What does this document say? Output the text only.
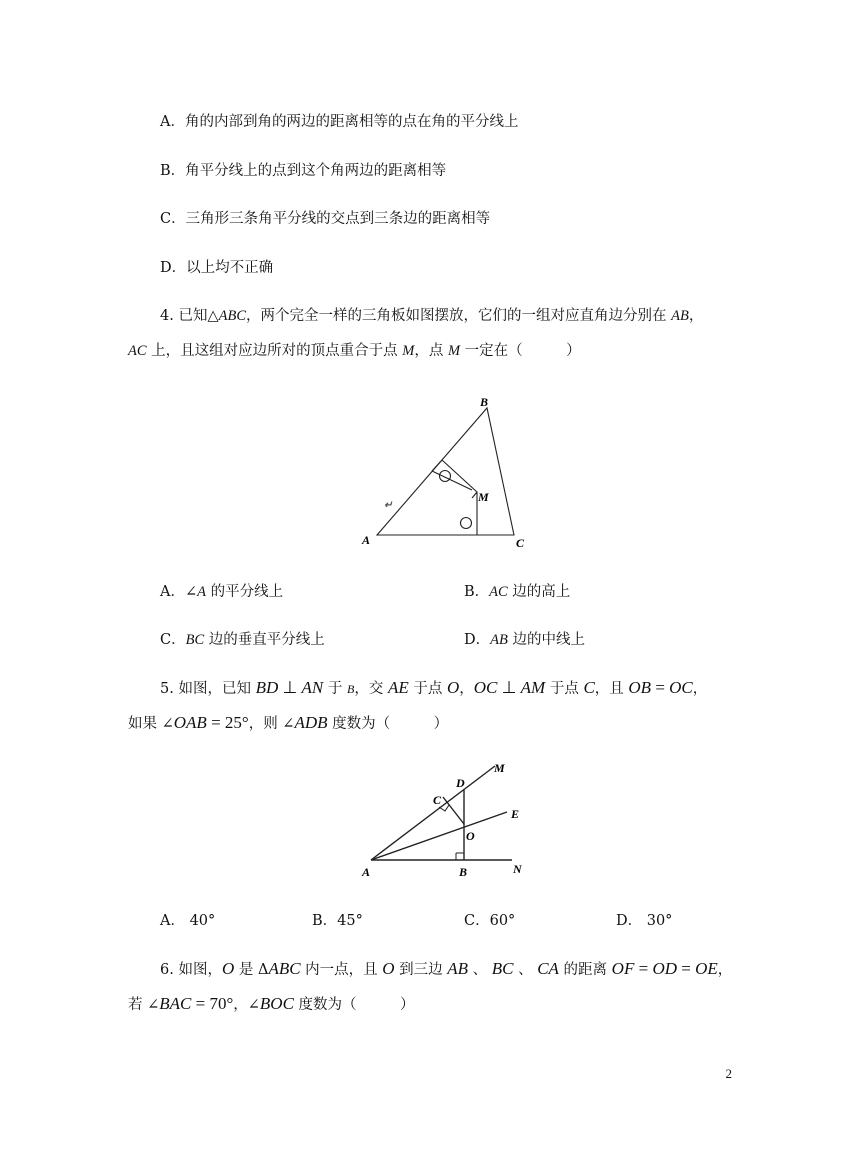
A．角的内部到角的两边的距离相等的点在角的平分线上
B．角平分线上的点到这个角两边的距离相等
C．三角形三条角平分线的交点到三条边的距离相等
D．以上均不正确
4. 已知△ABC，两个完全一样的三角板如图摆放，它们的一组对应直角边分别在 AB，
AC 上，且这组对应边所对的顶点重合于点 M，点 M 一定在（　　　）
B
A	C
M
↵
A．∠A 的平分线上	B．AC 边的高上
C．BC 边的垂直平分线上	D．AB 边的中线上
5. 如图，已知 BD ⊥ AN 于 B，交 AE 于点 O，OC ⊥ AM 于点 C，且 OB = OC，
如果 ∠OAB = 25°，则 ∠ADB 度数为（　　　）
A	B	N
O
E
C
D
M
A． 40°	B．45°	C．60°	D． 30°
6. 如图，O 是 ΔABC 内一点，且 O 到三边 AB 、 BC 、 CA 的距离 OF = OD = OE，
若 ∠BAC = 70°，∠BOC 度数为（　　　）
2
